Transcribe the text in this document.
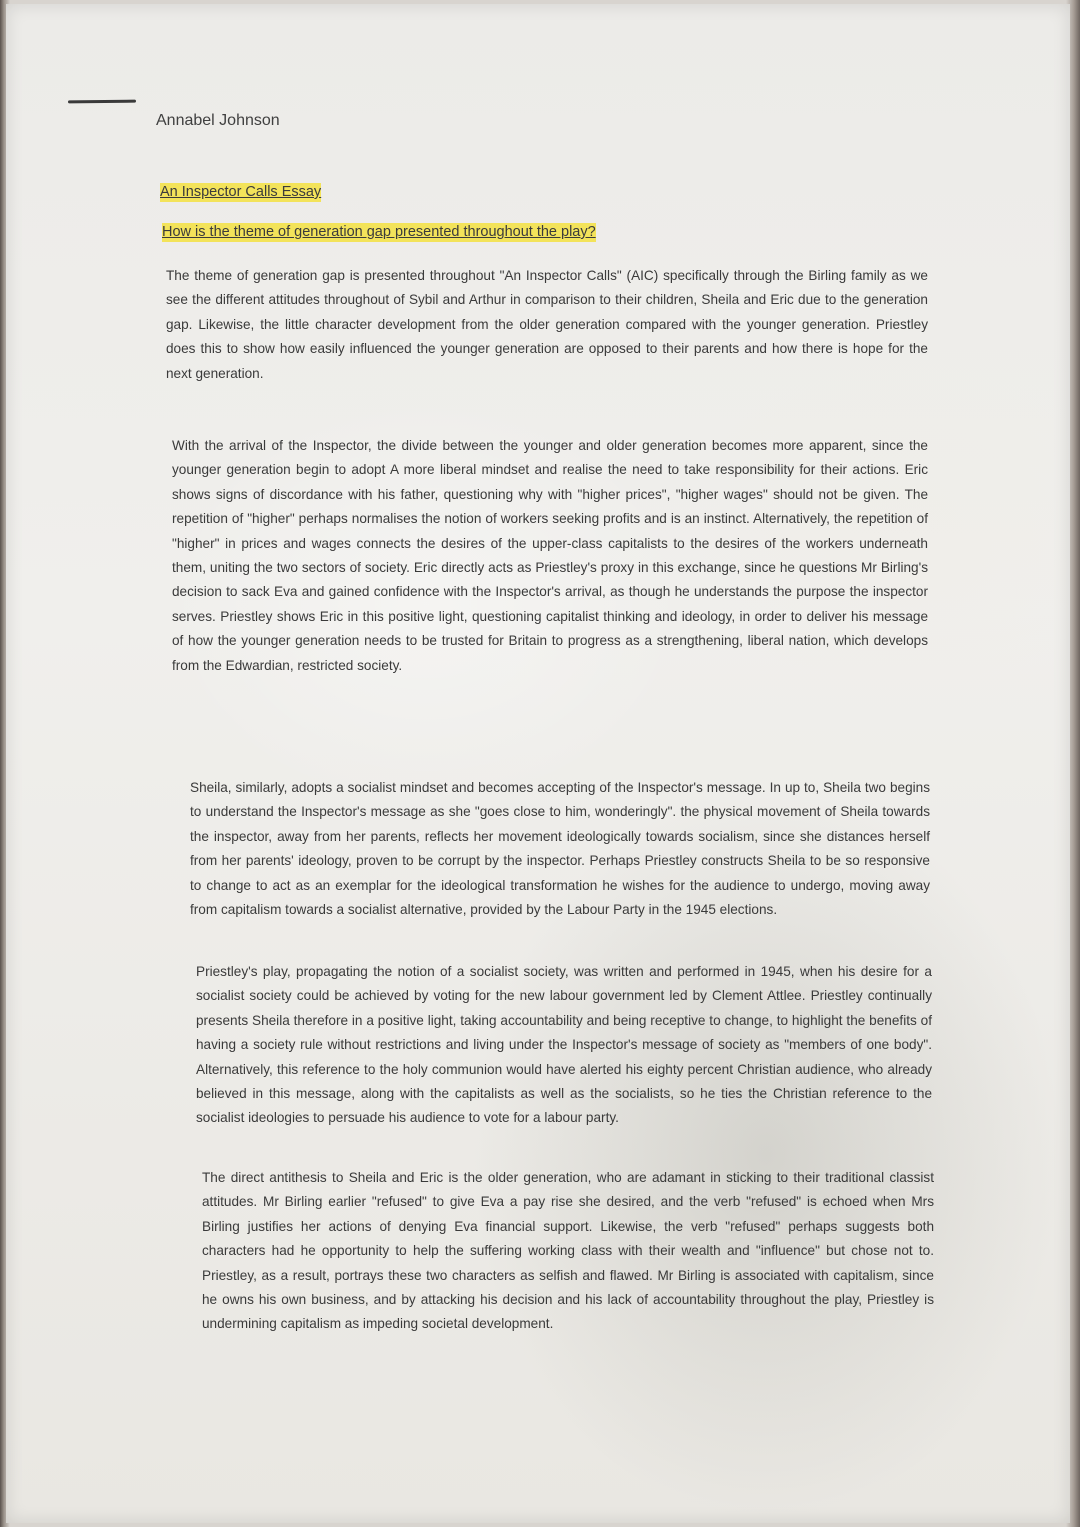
Annabel Johnson
An Inspector Calls Essay
How is the theme of generation gap presented throughout the play?
The theme of generation gap is presented throughout "An Inspector Calls" (AIC) specifically through the Birling family as we see the different attitudes throughout of Sybil and Arthur in comparison to their children, Sheila and Eric due to the generation gap. Likewise, the little character development from the older generation compared with the younger generation. Priestley does this to show how easily influenced the younger generation are opposed to their parents and how there is hope for the next generation.
With the arrival of the Inspector, the divide between the younger and older generation becomes more apparent, since the younger generation begin to adopt A more liberal mindset and realise the need to take responsibility for their actions. Eric shows signs of discordance with his father, questioning why with "higher prices", "higher wages" should not be given. The repetition of "higher" perhaps normalises the notion of workers seeking profits and is an instinct. Alternatively, the repetition of "higher" in prices and wages connects the desires of the upper-class capitalists to the desires of the workers underneath them, uniting the two sectors of society. Eric directly acts as Priestley's proxy in this exchange, since he questions Mr Birling's decision to sack Eva and gained confidence with the Inspector's arrival, as though he understands the purpose the inspector serves. Priestley shows Eric in this positive light, questioning capitalist thinking and ideology, in order to deliver his message of how the younger generation needs to be trusted for Britain to progress as a strengthening, liberal nation, which develops from the Edwardian, restricted society.
Sheila, similarly, adopts a socialist mindset and becomes accepting of the Inspector's message. In up to, Sheila two begins to understand the Inspector's message as she "goes close to him, wonderingly". the physical movement of Sheila towards the inspector, away from her parents, reflects her movement ideologically towards socialism, since she distances herself from her parents' ideology, proven to be corrupt by the inspector. Perhaps Priestley constructs Sheila to be so responsive to change to act as an exemplar for the ideological transformation he wishes for the audience to undergo, moving away from capitalism towards a socialist alternative, provided by the Labour Party in the 1945 elections.
Priestley's play, propagating the notion of a socialist society, was written and performed in 1945, when his desire for a socialist society could be achieved by voting for the new labour government led by Clement Attlee. Priestley continually presents Sheila therefore in a positive light, taking accountability and being receptive to change, to highlight the benefits of having a society rule without restrictions and living under the Inspector's message of society as "members of one body". Alternatively, this reference to the holy communion would have alerted his eighty percent Christian audience, who already believed in this message, along with the capitalists as well as the socialists, so he ties the Christian reference to the socialist ideologies to persuade his audience to vote for a labour party.
The direct antithesis to Sheila and Eric is the older generation, who are adamant in sticking to their traditional classist attitudes. Mr Birling earlier "refused" to give Eva a pay rise she desired, and the verb "refused" is echoed when Mrs Birling justifies her actions of denying Eva financial support. Likewise, the verb "refused" perhaps suggests both characters had he opportunity to help the suffering working class with their wealth and "influence" but chose not to. Priestley, as a result, portrays these two characters as selfish and flawed. Mr Birling is associated with capitalism, since he owns his own business, and by attacking his decision and his lack of accountability throughout the play, Priestley is undermining capitalism as impeding societal development.
